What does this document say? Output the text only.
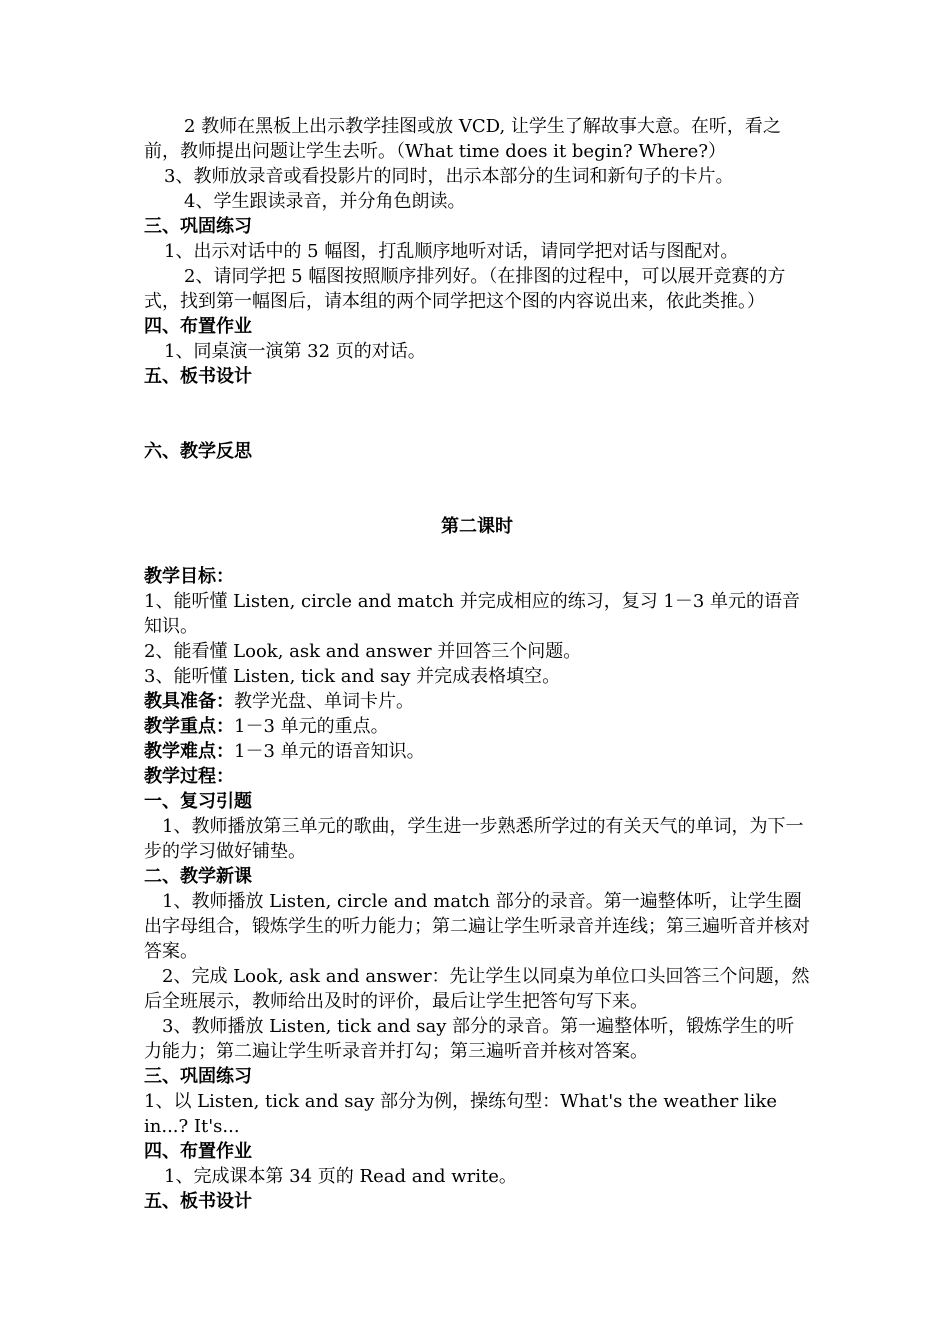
2 教师在黑板上出示教学挂图或放 VCD, 让学生了解故事大意。在听，看之前，教师提出问题让学生去听。（What time does it begin? Where?）

3、教师放录音或看投影片的同时，出示本部分的生词和新句子的卡片。

4、学生跟读录音，并分角色朗读。

三、巩固练习

1、出示对话中的 5 幅图，打乱顺序地听对话，请同学把对话与图配对。

2、请同学把 5 幅图按照顺序排列好。（在排图的过程中，可以展开竞赛的方式，找到第一幅图后，请本组的两个同学把这个图的内容说出来，依此类推。）

四、布置作业

1、同桌演一演第 32 页的对话。

五、板书设计

六、教学反思

第二课时

教学目标：

1、能听懂 Listen, circle and match 并完成相应的练习，复习 1－3 单元的语音知识。

2、能看懂 Look, ask and answer 并回答三个问题。

3、能听懂 Listen, tick and say 并完成表格填空。

教具准备：教学光盘、单词卡片。

教学重点：1－3 单元的重点。

教学难点：1－3 单元的语音知识。

教学过程：

一、复习引题

1、教师播放第三单元的歌曲，学生进一步熟悉所学过的有关天气的单词，为下一步的学习做好铺垫。

二、教学新课

1、教师播放 Listen, circle and match 部分的录音。第一遍整体听，让学生圈出字母组合，锻炼学生的听力能力；第二遍让学生听录音并连线；第三遍听音并核对答案。

2、完成 Look, ask and answer：先让学生以同桌为单位口头回答三个问题，然后全班展示，教师给出及时的评价，最后让学生把答句写下来。

3、教师播放 Listen, tick and say 部分的录音。第一遍整体听，锻炼学生的听力能力；第二遍让学生听录音并打勾；第三遍听音并核对答案。

三、巩固练习

1、以 Listen, tick and say 部分为例，操练句型：What's the weather like in...? It's...

四、布置作业

1、完成课本第 34 页的 Read and write。

五、板书设计
